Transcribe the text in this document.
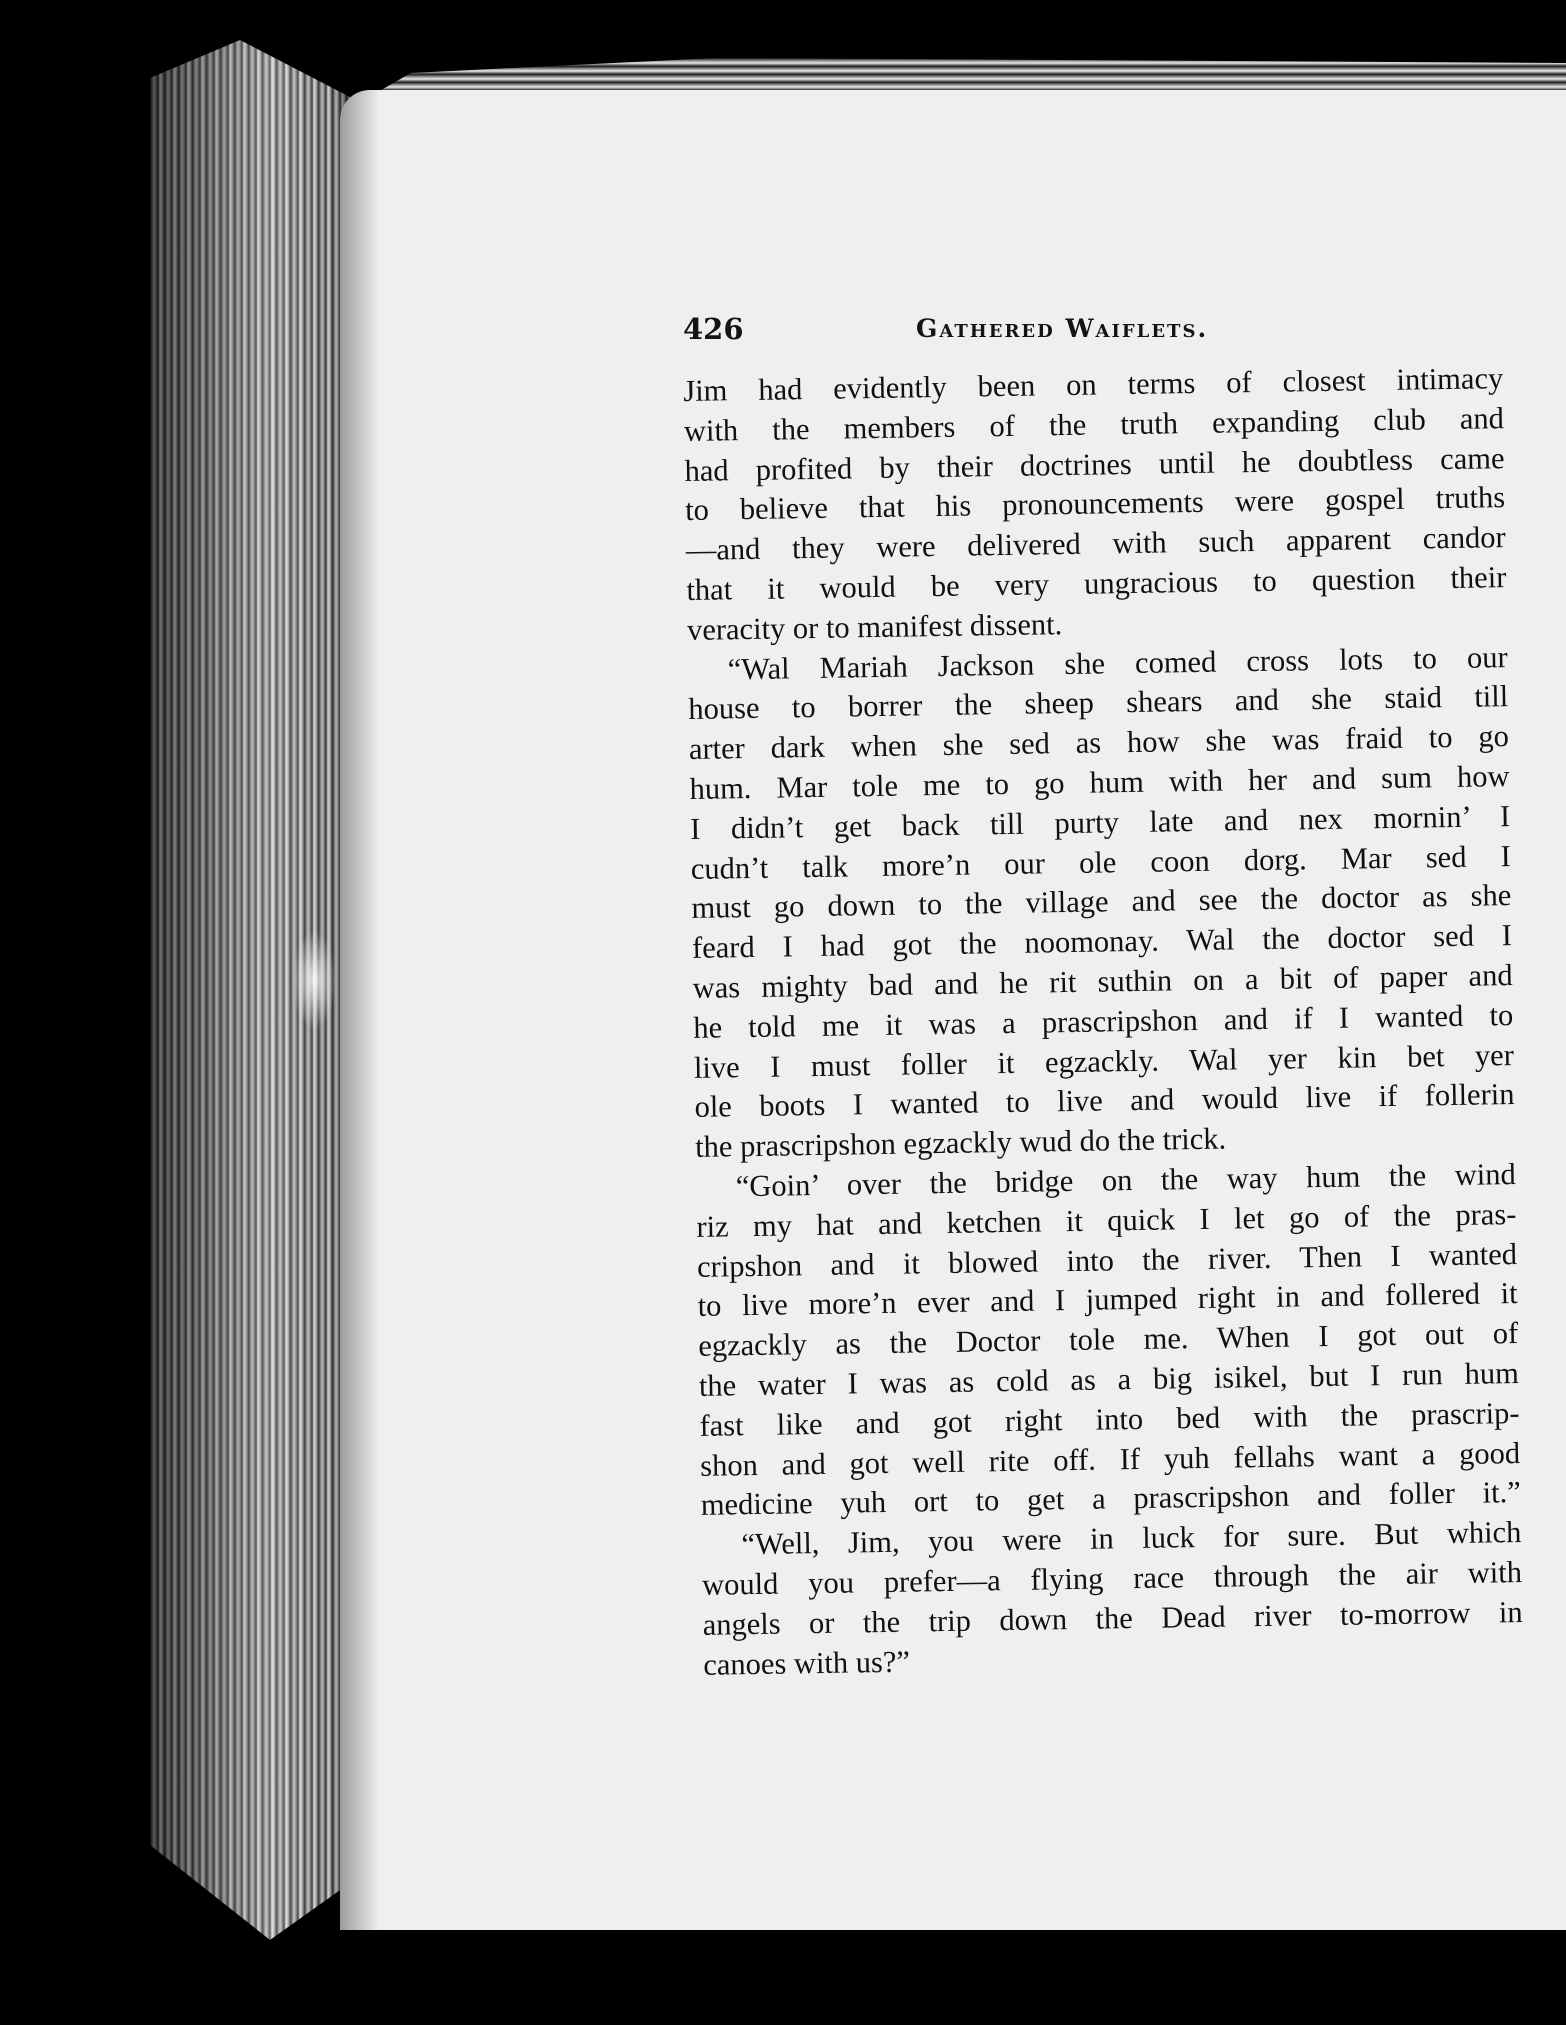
426	Gathered Waiflets.
Jim had evidently been on terms of closest intimacy
with the members of the truth expanding club and
had profited by their doctrines until he doubtless came
to believe that his pronouncements were gospel truths
—and they were delivered with such apparent candor
that it would be very ungracious to question their
veracity or to manifest dissent.
“Wal Mariah Jackson she comed cross lots to our
house to borrer the sheep shears and she staid till
arter dark when she sed as how she was fraid to go
hum. Mar tole me to go hum with her and sum how
I didn’t get back till purty late and nex mornin’ I
cudn’t talk more’n our ole coon dorg. Mar sed I
must go down to the village and see the doctor as she
feard I had got the noomonay. Wal the doctor sed I
was mighty bad and he rit suthin on a bit of paper and
he told me it was a prascripshon and if I wanted to
live I must foller it egzackly. Wal yer kin bet yer
ole boots I wanted to live and would live if follerin
the prascripshon egzackly wud do the trick.
“Goin’ over the bridge on the way hum the wind
riz my hat and ketchen it quick I let go of the pras-
cripshon and it blowed into the river. Then I wanted
to live more’n ever and I jumped right in and follered it
egzackly as the Doctor tole me. When I got out of
the water I was as cold as a big isikel, but I run hum
fast like and got right into bed with the prascrip-
shon and got well rite off. If yuh fellahs want a good
medicine yuh ort to get a prascripshon and foller it.”
“Well, Jim, you were in luck for sure. But which
would you prefer—a flying race through the air with
angels or the trip down the Dead river to-morrow in
canoes with us?”
